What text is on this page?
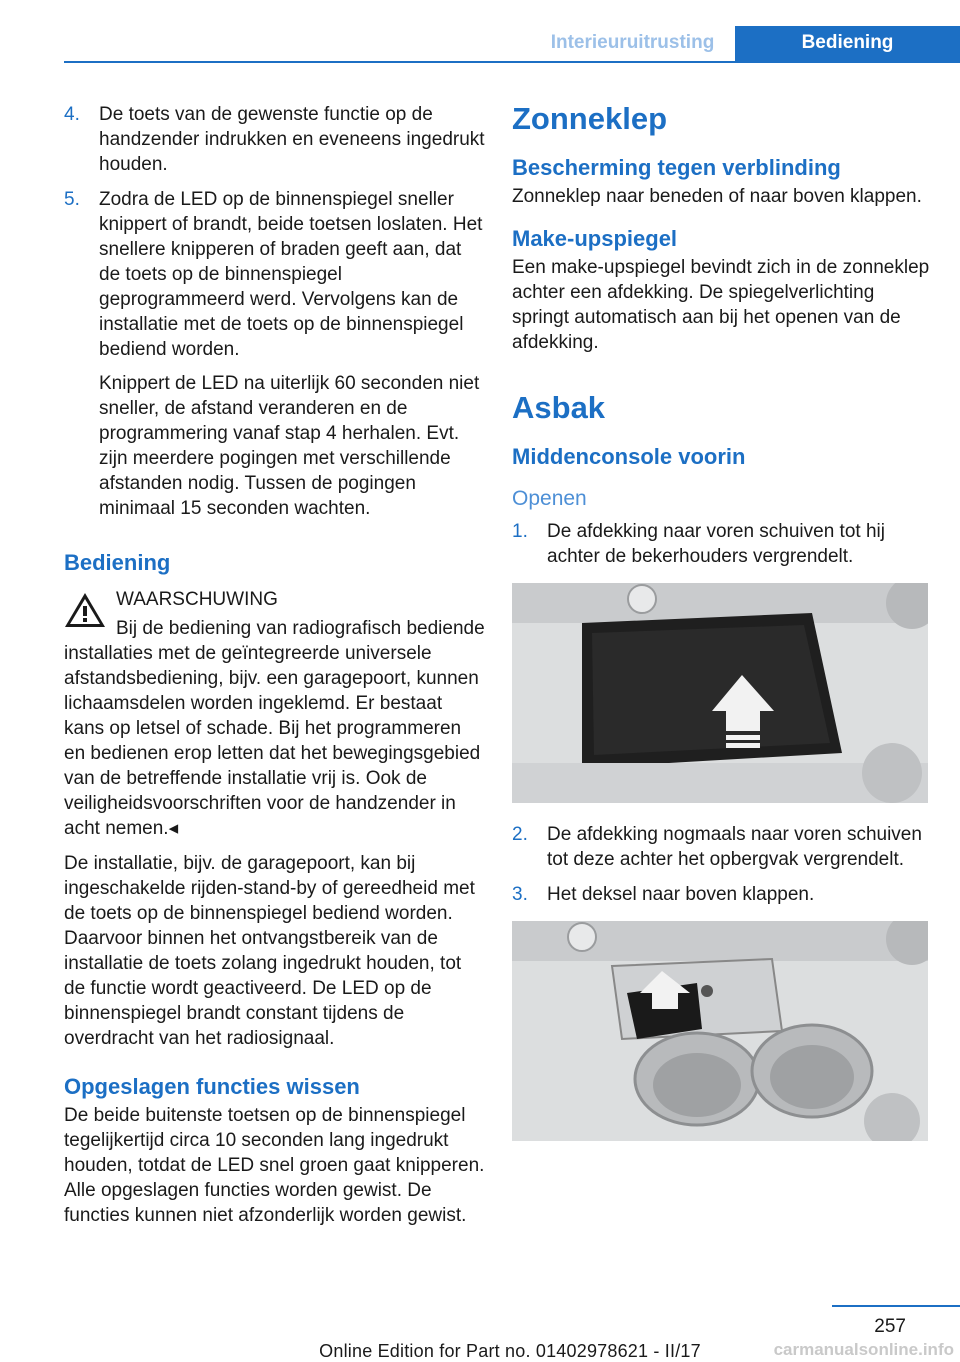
Interieuruitrusting	Bediening
4. De toets van de gewenste functie op de handzender indrukken en eveneens ingedrukt houden.

5. Zodra de LED op de binnenspiegel sneller knippert of brandt, beide toetsen loslaten. Het snellere knipperen of braden geeft aan, dat de toets op de binnenspiegel geprogrammeerd werd. Vervolgens kan de installatie met de toets op de binnenspiegel bediend worden.

Knippert de LED na uiterlijk 60 seconden niet sneller, de afstand veranderen en de programmering vanaf stap 4 herhalen. Evt. zijn meerdere pogingen met verschillende afstanden nodig. Tussen de pogingen minimaal 15 seconden wachten.

Bediening
WAARSCHUWING
Bij de bediening van radiografisch bediende installaties met de geïntegreerde universele afstandsbediening, bijv. een garagepoort, kunnen lichaamsdelen worden ingeklemd. Er bestaat kans op letsel of schade. Bij het programmeren en bedienen erop letten dat het bewegingsgebied van de betreffende installatie vrij is. Ook de veiligheidsvoorschriften voor de handzender in acht nemen.◂

De installatie, bijv. de garagepoort, kan bij ingeschakelde rijden-stand-by of gereedheid met de toets op de binnenspiegel bediend worden. Daarvoor binnen het ontvangstbereik van de installatie de toets zolang ingedrukt houden, tot de functie wordt geactiveerd. De LED op de binnenspiegel brandt constant tijdens de overdracht van het radiosignaal.

Opgeslagen functies wissen

De beide buitenste toetsen op de binnenspiegel tegelijkertijd circa 10 seconden lang ingedrukt houden, totdat de LED snel groen gaat knipperen. Alle opgeslagen functies worden gewist. De functies kunnen niet afzonderlijk worden gewist.

Zonneklep
Bescherming tegen verblinding

Zonneklep naar beneden of naar boven klappen.

Make-upspiegel

Een make-upspiegel bevindt zich in de zonneklep achter een afdekking. De spiegelverlichting springt automatisch aan bij het openen van de afdekking.

Asbak
Middenconsole voorin
Openen
1. De afdekking naar voren schuiven tot hij achter de bekerhouders vergrendelt.

2. De afdekking nogmaals naar voren schuiven tot deze achter het opbergvak vergrendelt.

3. Het deksel naar boven klappen.

257
Online Edition for Part no. 01402978621 - II/17	carmanualsonline.info
